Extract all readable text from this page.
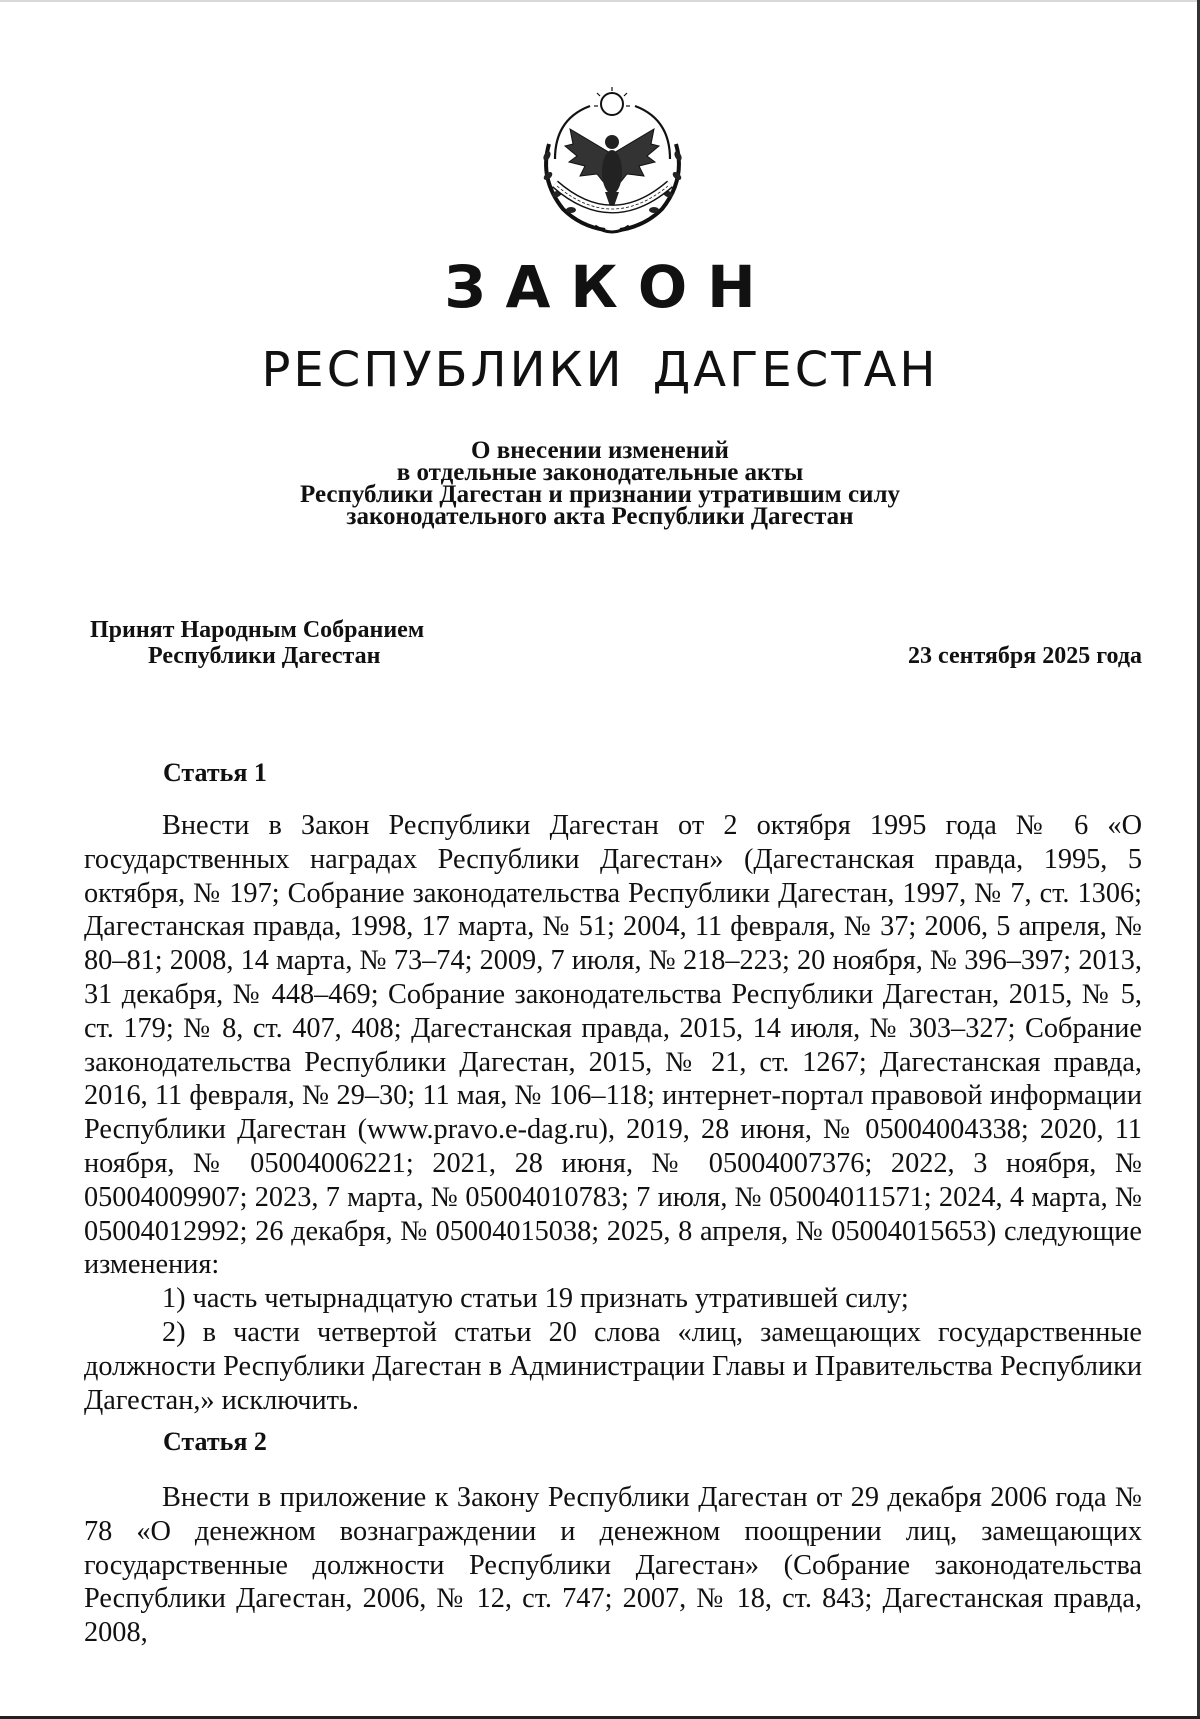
ЗАКОН
РЕСПУБЛИКИ ДАГЕСТАН
О внесении изменений
в отдельные законодательные акты
Республики Дагестан и признании утратившим силу
законодательного акта Республики Дагестан
Принят Народным Собранием
Республики Дагестан	23 сентября 2025 года
Статья 1

Внести в Закон Республики Дагестан от 2 октября 1995 года № 6 «О государственных наградах Республики Дагестан» (Дагестанская правда, 1995, 5 октября, № 197; Собрание законодательства Республики Дагестан, 1997, № 7, ст. 1306; Дагестанская правда, 1998, 17 марта, № 51; 2004, 11 февраля, № 37; 2006, 5 апреля, № 80–81; 2008, 14 марта, № 73–74; 2009, 7 июля, № 218–223; 20 ноября, № 396–397; 2013, 31 декабря, № 448–469; Собрание законодательства Республики Дагестан, 2015, № 5, ст. 179; № 8, ст. 407, 408; Дагестанская правда, 2015, 14 июля, № 303–327; Собрание законодательства Республики Дагестан, 2015, № 21, ст. 1267; Дагестанская правда, 2016, 11 февраля, № 29–30; 11 мая, № 106–118; интернет-портал правовой информации Республики Дагестан (www.pravo.e-dag.ru), 2019, 28 июня, № 05004004338; 2020, 11 ноября, № 05004006221; 2021, 28 июня, № 05004007376; 2022, 3 ноября, № 05004009907; 2023, 7 марта, № 05004010783; 7 июля, № 05004011571; 2024, 4 марта, № 05004012992; 26 декабря, № 05004015038; 2025, 8 апреля, № 05004015653) следующие изменения:

1) часть четырнадцатую статьи 19 признать утратившей силу;

2) в части четвертой статьи 20 слова «лиц, замещающих государственные должности Республики Дагестан в Администрации Главы и Правительства Республики Дагестан,» исключить.

Статья 2

Внести в приложение к Закону Республики Дагестан от 29 декабря 2006 года № 78 «О денежном вознаграждении и денежном поощрении лиц, замещающих государственные должности Республики Дагестан» (Собрание законодательства Республики Дагестан, 2006, № 12, ст. 747; 2007, № 18, ст. 843; Дагестанская правда, 2008,
